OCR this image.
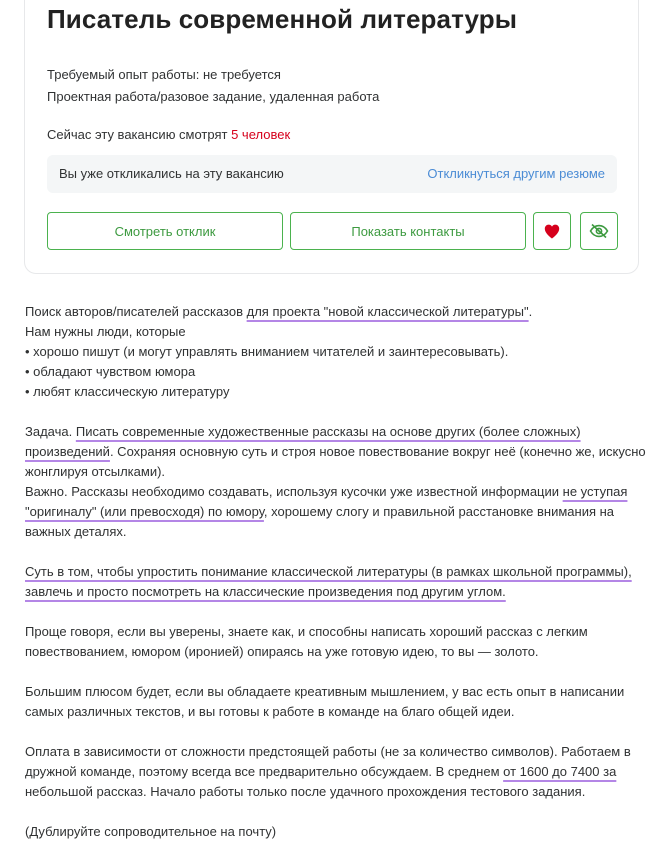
Писатель современной литературы
Требуемый опыт работы: не требуется
Проектная работа/разовое задание, удаленная работа
Сейчас эту вакансию смотрят 5 человек
Вы уже откликались на эту вакансию	Откликнуться другим резюме
Смотреть отклик	Показать контакты
Поиск авторов/писателей рассказов для проекта "новой классической литературы".
Нам нужны люди, которые
• хорошо пишут (и могут управлять вниманием читателей и заинтересовывать).
• обладают чувством юмора
• любят классическую литературу
Задача. Писать современные художественные рассказы на основе других (более сложных)
произведений. Сохраняя основную суть и строя новое повествование вокруг неё (конечно же, искусно
жонглируя отсылками).
Важно. Рассказы необходимо создавать, используя кусочки уже известной информации не уступая
"оригиналу" (или превосходя) по юмору, хорошему слогу и правильной расстановке внимания на
важных деталях.
Суть в том, чтобы упростить понимание классической литературы (в рамках школьной программы),
завлечь и просто посмотреть на классические произведения под другим углом.
Проще говоря, если вы уверены, знаете как, и способны написать хороший рассказ с легким
повествованием, юмором (иронией) опираясь на уже готовую идею, то вы — золото.
Большим плюсом будет, если вы обладаете креативным мышлением, у вас есть опыт в написании
самых различных текстов, и вы готовы к работе в команде на благо общей идеи.
Оплата в зависимости от сложности предстоящей работы (не за количество символов). Работаем в
дружной команде, поэтому всегда все предварительно обсуждаем. В среднем от 1600 до 7400 за
небольшой рассказ. Начало работы только после удачного прохождения тестового задания.
(Дублируйте сопроводительное на почту)
